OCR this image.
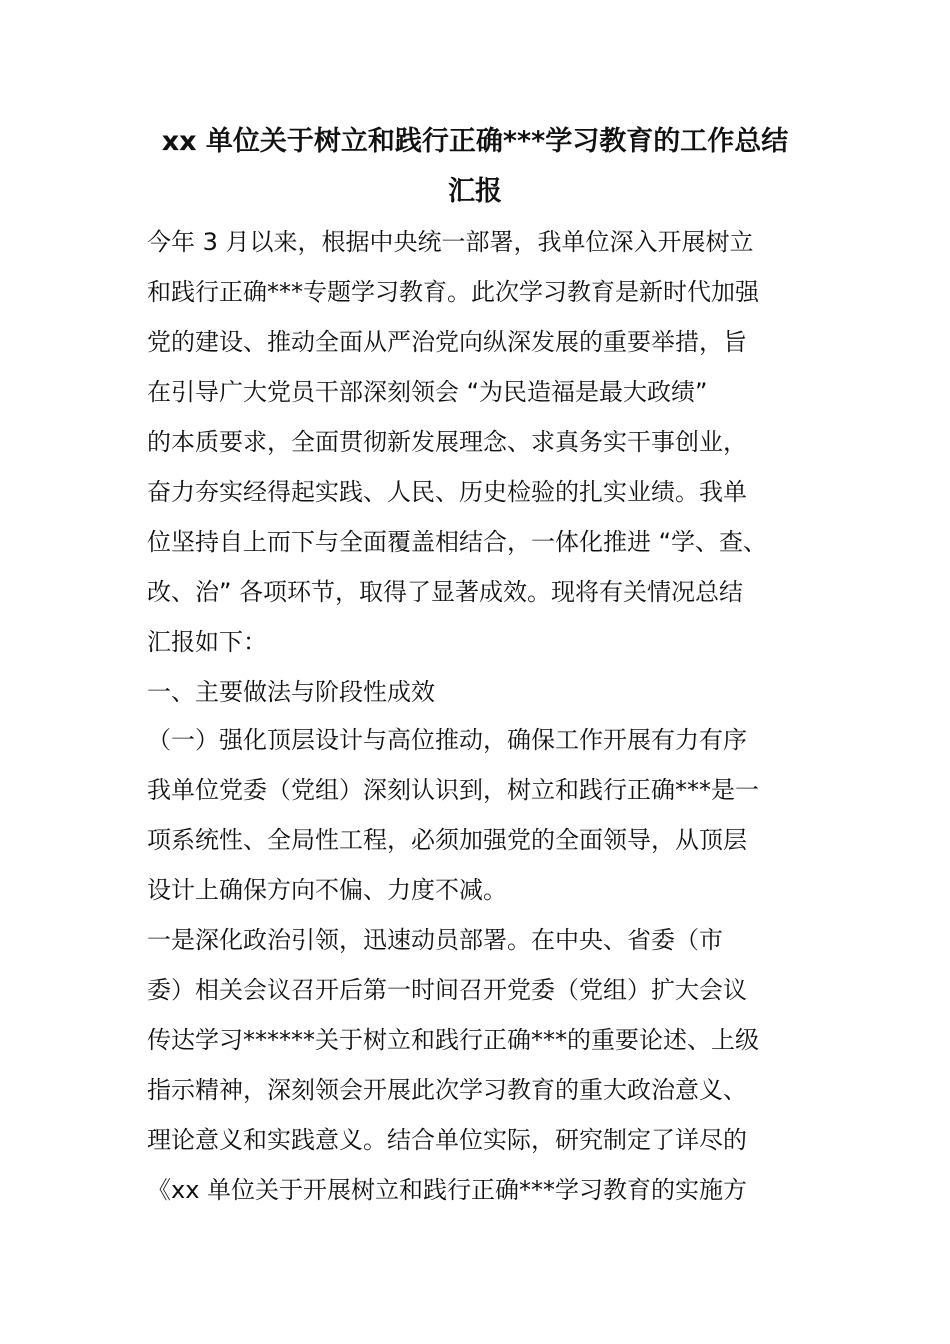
xx 单位关于树立和践行正确***学习教育的工作总结
汇报

今年 3 月以来，根据中央统一部署，我单位深入开展树立

和践行正确***专题学习教育。此次学习教育是新时代加强

党的建设、推动全面从严治党向纵深发展的重要举措，旨

在引导广大党员干部深刻领会 “为民造福是最大政绩”

的本质要求，全面贯彻新发展理念、求真务实干事创业，

奋力夯实经得起实践、人民、历史检验的扎实业绩。我单

位坚持自上而下与全面覆盖相结合，一体化推进 “学、查、

改、治” 各项环节，取得了显著成效。现将有关情况总结

汇报如下：

一、主要做法与阶段性成效

（一）强化顶层设计与高位推动，确保工作开展有力有序

我单位党委（党组）深刻认识到，树立和践行正确***是一

项系统性、全局性工程，必须加强党的全面领导，从顶层

设计上确保方向不偏、力度不减。

一是深化政治引领，迅速动员部署。在中央、省委（市

委）相关会议召开后第一时间召开党委（党组）扩大会议

传达学习******关于树立和践行正确***的重要论述、上级

指示精神，深刻领会开展此次学习教育的重大政治意义、

理论意义和实践意义。结合单位实际，研究制定了详尽的

《xx 单位关于开展树立和践行正确***学习教育的实施方
